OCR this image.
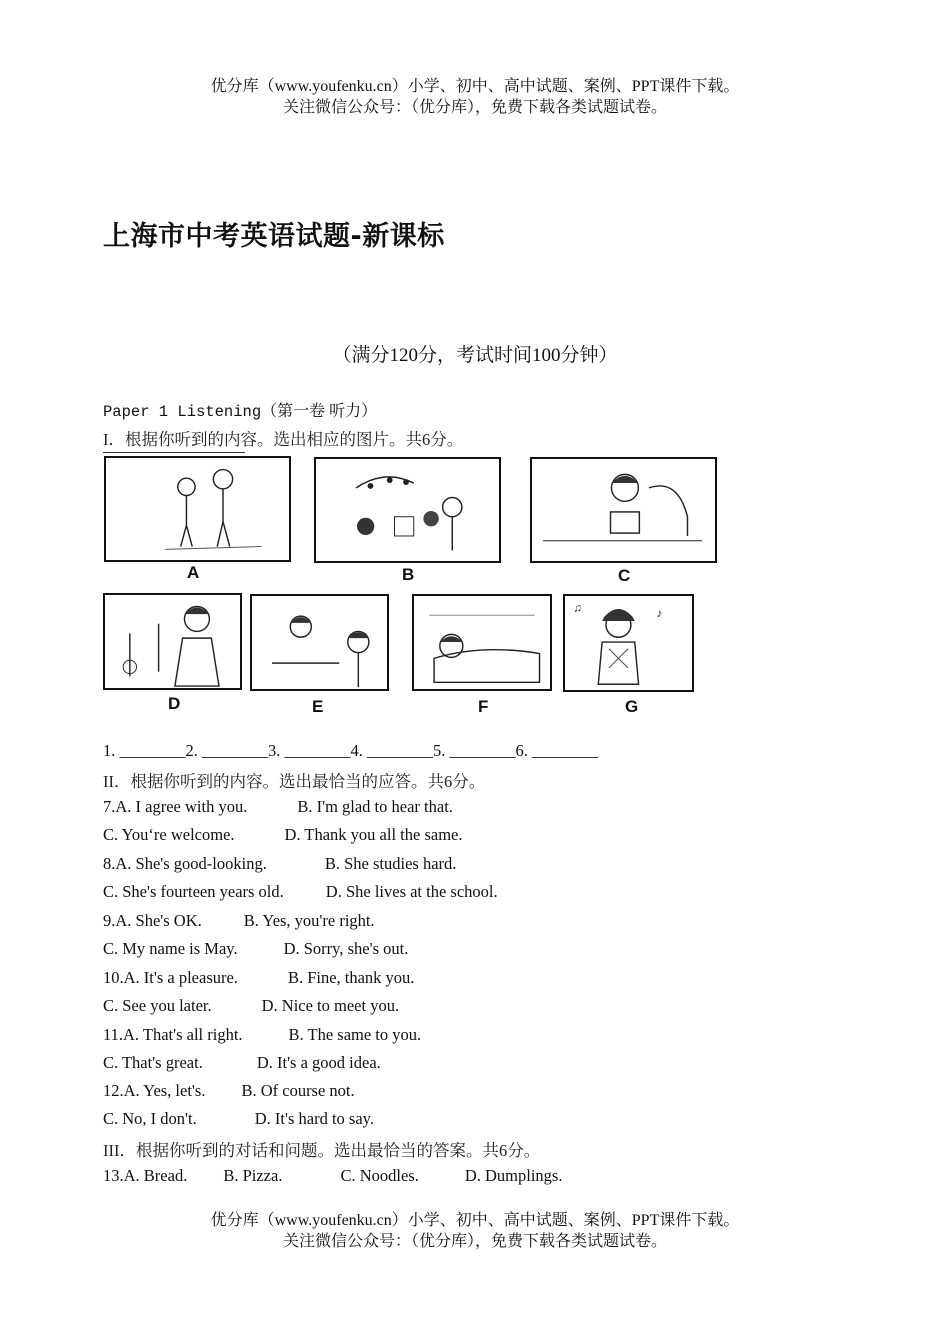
优分库（www.youfenku.cn）小学、初中、高中试题、案例、PPT课件下载。
关注微信公众号：（优分库），免费下载各类试题试卷。
上海市中考英语试题-新课标
（满分120分，考试时间100分钟）
Paper 1 Listening（第一卷 听力）
I．根据你听到的内容。选出相应的图片。共6分。
A	B	C
D	E	F
♫	♪
G
1. ________2. ________3. ________4. ________5. ________6. ________
II．根据你听到的内容。选出最恰当的应答。共6分。
7.A. I agree with you.	B. I'm glad to hear that.
C. You‘re welcome.	D. Thank you all the same.
8.A. She's good-looking.	B. She studies hard.
C. She's fourteen years old.	D. She lives at the school.
9.A. She's OK.	B. Yes, you're right.
C. My name is May.	D. Sorry, she's out.
10.A. It's a pleasure.	B. Fine, thank you.
C. See you later.	D. Nice to meet you.
11.A. That's all right.	B. The same to you.
C. That's great.	D. It's a good idea.
12.A. Yes, let's. B. Of course not.
C. No, I don't.	D. It's hard to say.
III．根据你听到的对话和问题。选出最恰当的答案。共6分。
13.A. Bread. B. Pizza.	C. Noodles.	D. Dumplings.
优分库（www.youfenku.cn）小学、初中、高中试题、案例、PPT课件下载。
关注微信公众号：（优分库），免费下载各类试题试卷。
